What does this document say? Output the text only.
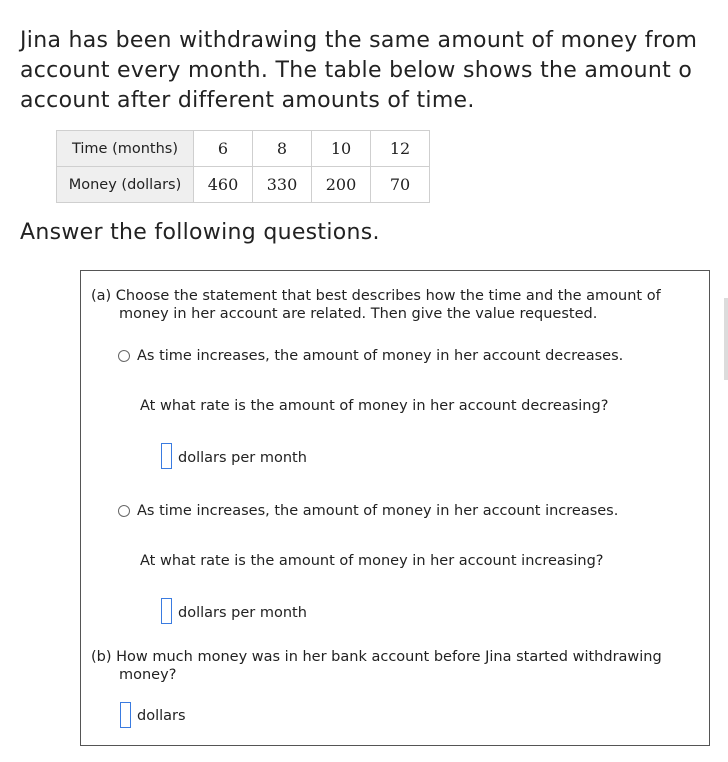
Jina has been withdrawing the same amount of money from
account every month. The table below shows the amount o
account after different amounts of time.
Time (months)	6	8	10	12
Money (dollars)	460	330	200	70
Answer the following questions.
(a) Choose the statement that best describes how the time and the amount of
money in her account are related. Then give the value requested.
As time increases, the amount of money in her account decreases.
At what rate is the amount of money in her account decreasing?
dollars per month
As time increases, the amount of money in her account increases.
At what rate is the amount of money in her account increasing?
dollars per month
(b) How much money was in her bank account before Jina started withdrawing
money?
dollars
